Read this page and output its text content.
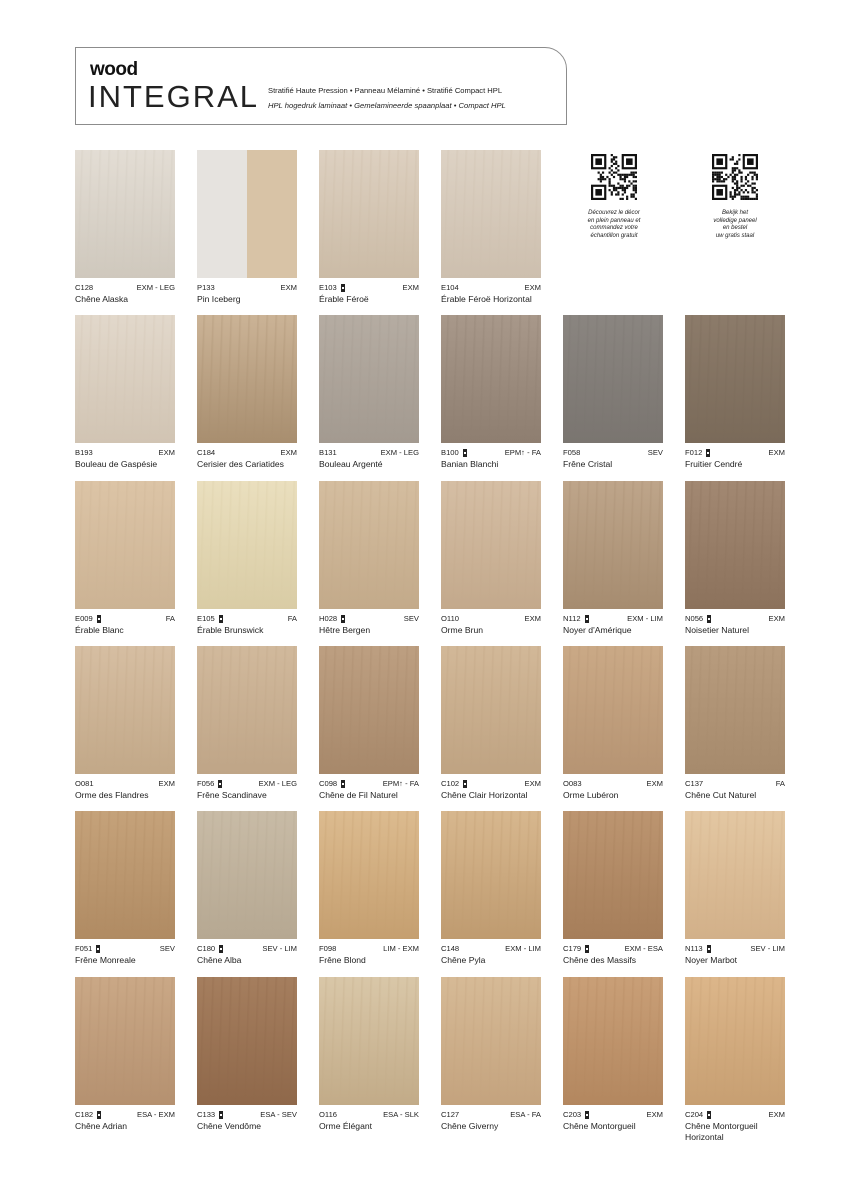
wood
INTEGRAL Stratifié Haute Pression • Panneau Mélaminé • Stratifié Compact HPL
HPL hogedruk laminaat • Gemelamineerde spaanplaat • Compact HPL
C128	EXM - LEG
Chêne Alaska
P133	EXM
Pin Iceberg
E103	EXM
Érable Féroë
E104	EXM
Érable Féroë Horizontal
B193	EXM
Bouleau de Gaspésie
C184	EXM
Cerisier des Cariatides
B131	EXM - LEG
Bouleau Argenté
B100	EPM↑ - FA
Banian Blanchi
F058	SEV
Frêne Cristal
F012	EXM
Fruitier Cendré
E009	FA
Érable Blanc
E105	FA
Érable Brunswick
H028	SEV
Hêtre Bergen
O110	EXM
Orme Brun
N112	EXM - LIM
Noyer d'Amérique
N056	EXM
Noisetier Naturel
O081	EXM
Orme des Flandres
F056	EXM - LEG
Frêne Scandinave
C098	EPM↑ - FA
Chêne de Fil Naturel
C102	EXM
Chêne Clair Horizontal
O083	EXM
Orme Lubéron
C137	FA
Chêne Cut Naturel
F051	SEV
Frêne Monreale
C180	SEV - LIM
Chêne Alba
F098	LIM - EXM
Frêne Blond
C148	EXM - LIM
Chêne Pyla
C179	EXM - ESA
Chêne des Massifs
N113	SEV - LIM
Noyer Marbot
C182	ESA - EXM
Chêne Adrian
C133	ESA - SEV
Chêne Vendôme
O116	ESA - SLK
Orme Élégant
C127	ESA - FA
Chêne Giverny
C203	EXM
Chêne Montorgueil
C204	EXM
Chêne Montorgueil Horizontal
Découvrez le décor
en plein panneau et
commandez votre
échantillon gratuit
Bekijk het
volledige paneel
en bestel
uw gratis staal
